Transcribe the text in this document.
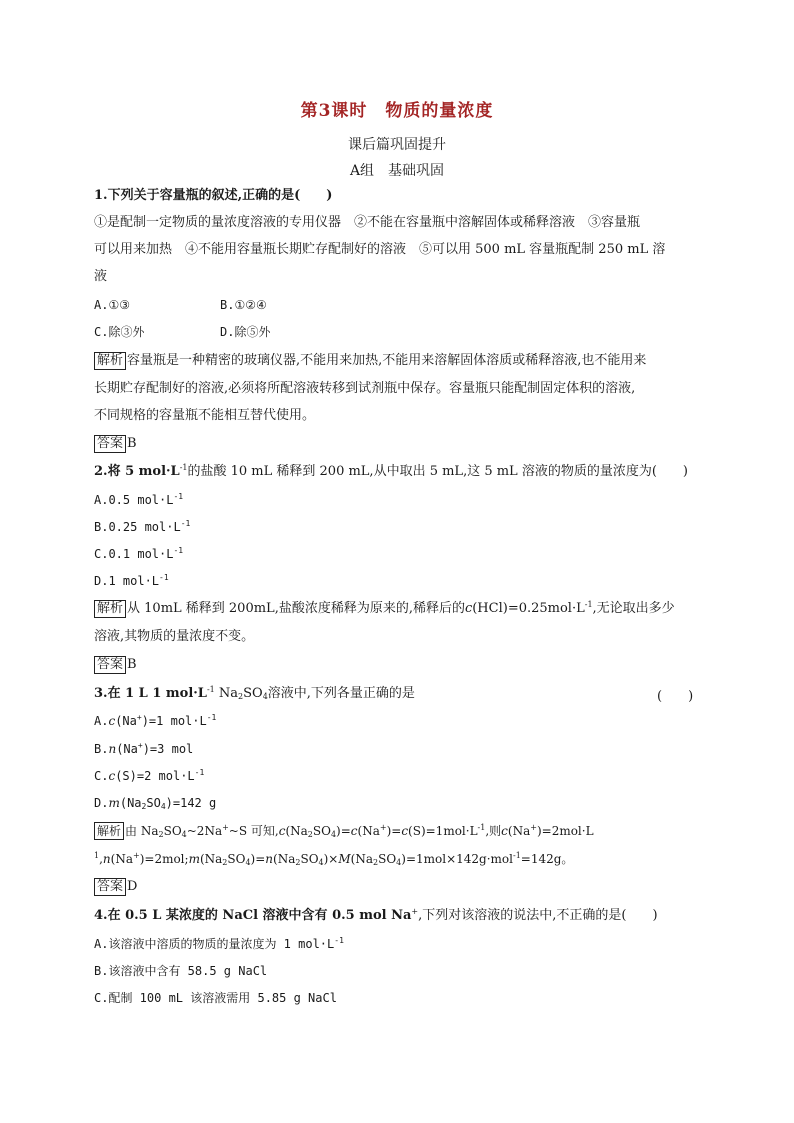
第3课时　物质的量浓度
课后篇巩固提升
A组　基础巩固
1.下列关于容量瓶的叙述,正确的是(　　)
①是配制一定物质的量浓度溶液的专用仪器　②不能在容量瓶中溶解固体或稀释溶液　③容量瓶
可以用来加热　④不能用容量瓶长期贮存配制好的溶液　⑤可以用 500 mL 容量瓶配制 250 mL 溶
液
A.①③	B.①②④
C.除③外	D.除⑤外
解析 容量瓶是一种精密的玻璃仪器,不能用来加热,不能用来溶解固体溶质或稀释溶液,也不能用来
长期贮存配制好的溶液,必须将所配溶液转移到试剂瓶中保存。容量瓶只能配制固定体积的溶液,
不同规格的容量瓶不能相互替代使用。
答案 B
2.将 5 $mol\cdot L^{-1}$的盐酸 10 mL 稀释到 200 mL,从中取出 5 mL,这 5 mL 溶液的物质的量浓度为(　　)
A.0.5 $mol\cdot L^{-1}$
B.0.25 $mol\cdot L^{-1}$
C.0.1 $mol\cdot L^{-1}$
D.1 $mol\cdot L^{-1}$
解析 从 10mL 稀释到 200mL,盐酸浓度稀释为原来的,稀释后的$c(HCl)=0.25mol\cdot L^{-1}$,无论取出多少
溶液,其物质的量浓度不变。
答案 B
3.在 1 L 1 $mol\cdot L^{-1}$ $Na_2SO_4$溶液中,下列各量正确的是	(　　)
A.c(Na+)=1 $mol\cdot L^{-1}$
B.n(Na+)=3 mol
C.c(S)=2 $mol\cdot L^{-1}$
$D.m(Na_2SO_4)=142$ g
解析 由 $Na_2SO_4\sim 2Na^+\sim S$ 可知$,c(Na_2SO_4)=c(Na^+)=c(S)=1mol\cdot L^{-1}$,则c(Na+)=2mol·L
$^1,n(Na^+)=2mol;m(Na_2SO_4)=n(Na_2SO_4)\times M(Na_2SO_4)=1mol\times 142g\cdot mol^{-1}=142g$。
答案 D
4.在 0.5 L 某浓度的 NaCl 溶液中含有 0.5 mol Na+,下列对该溶液的说法中,不正确的是(　　)
A.该溶液中溶质的物质的量浓度为 1 $mol\cdot L^{-1}$
B.该溶液中含有 58.5 g NaCl
C.配制 100 mL 该溶液需用 5.85 g NaCl
